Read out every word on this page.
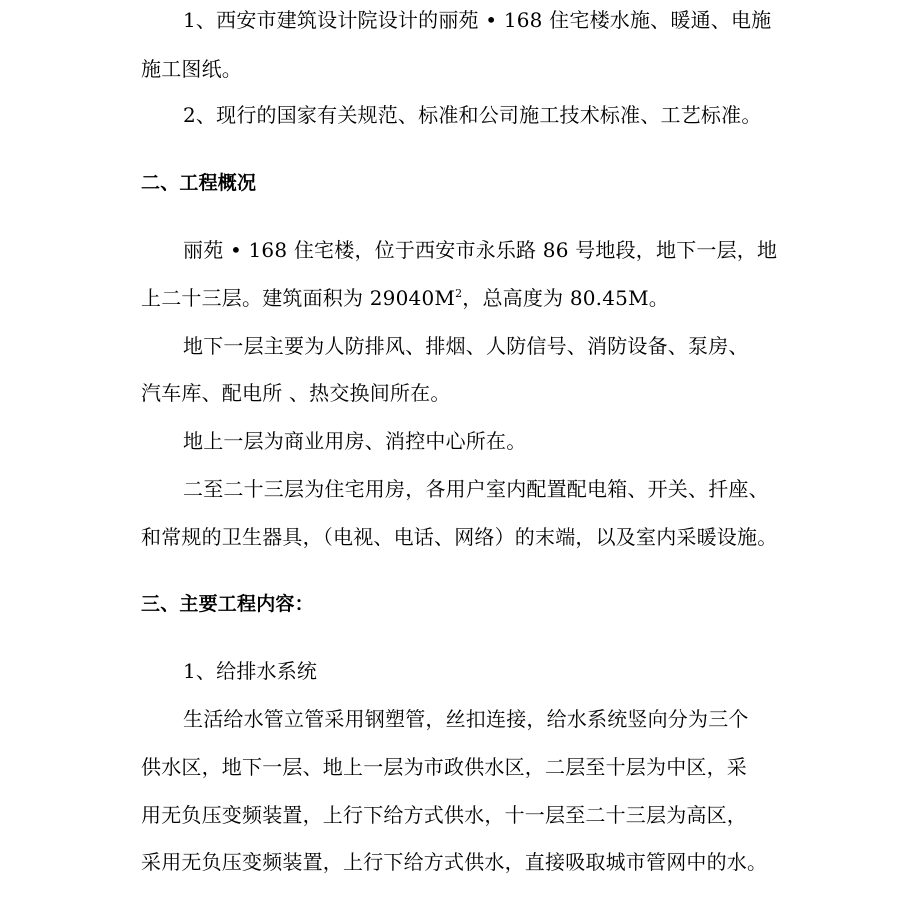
1、西安市建筑设计院设计的丽苑 • 168 住宅楼水施、暖通、电施
施工图纸。
2、现行的国家有关规范、标准和公司施工技术标准、工艺标准。
二、工程概况
丽苑 • 168 住宅楼，位于西安市永乐路 86 号地段，地下一层，地
上二十三层。建筑面积为 $29040M^2$，总高度为 80.45M。
地下一层主要为人防排风、排烟、人防信号、消防设备、泵房、
汽车库、配电所 、热交换间所在。
地上一层为商业用房、消控中心所在。
二至二十三层为住宅用房，各用户室内配置配电箱、开关、扦座、
和常规的卫生器具，（电视、电话、网络）的末端，以及室内采暖设施。
三、主要工程内容：
1、给排水系统
生活给水管立管采用钢塑管，丝扣连接，给水系统竖向分为三个
供水区，地下一层、地上一层为市政供水区，二层至十层为中区，采
用无负压变频装置，上行下给方式供水，十一层至二十三层为高区，
采用无负压变频装置，上行下给方式供水，直接吸取城市管网中的水。
